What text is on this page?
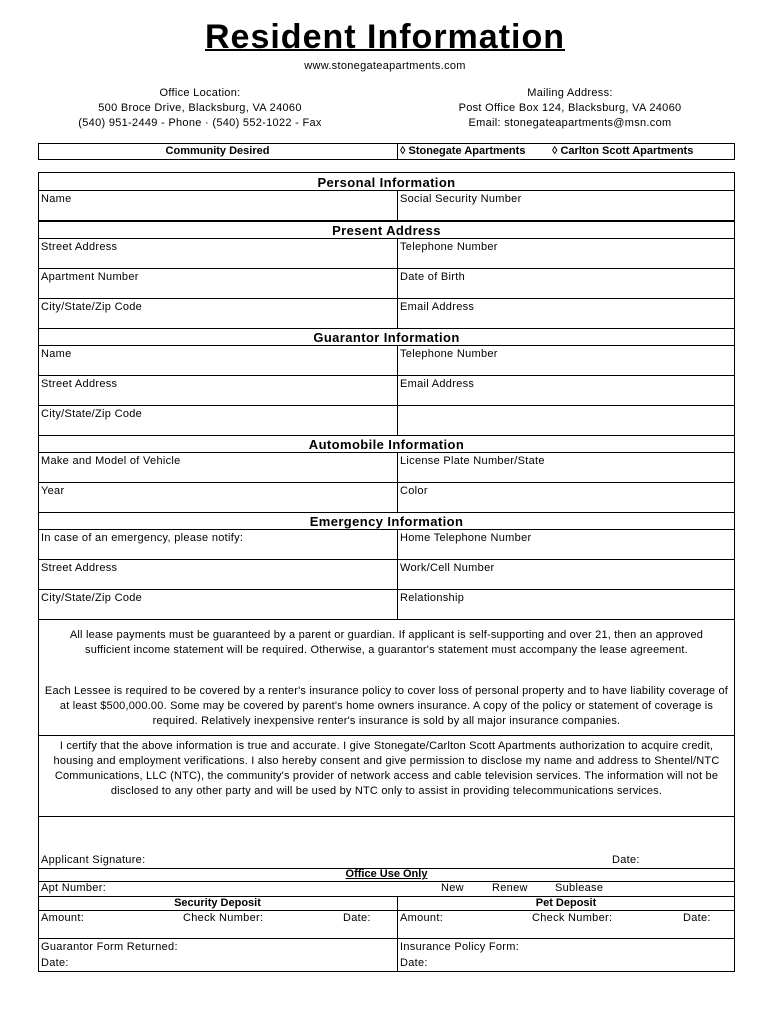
Resident Information
www.stonegateapartments.com
Office Location:
500 Broce Drive, Blacksburg, VA 24060
(540) 951-2449 - Phone · (540) 552-1022 - Fax
Mailing Address:
Post Office Box 124, Blacksburg, VA 24060
Email: stonegateapartments@msn.com
Community Desired	◊ Stonegate Apartments ◊ Carlton Scott Apartments
Personal Information
Name	Social Security Number
Present Address
Street Address	Telephone Number
Apartment Number	Date of Birth
City/State/Zip Code	Email Address
Guarantor Information
Name	Telephone Number
Street Address	Email Address
City/State/Zip Code
Automobile Information
Make and Model of Vehicle	License Plate Number/State
Year	Color
Emergency Information
In case of an emergency, please notify:	Home Telephone Number
Street Address	Work/Cell Number
City/State/Zip Code	Relationship
All lease payments must be guaranteed by a parent or guardian. If applicant is self-supporting and over 21, then an approved sufficient income statement will be required. Otherwise, a guarantor's statement must accompany the lease agreement.
Each Lessee is required to be covered by a renter's insurance policy to cover loss of personal property and to have liability coverage of at least $500,000.00. Some may be covered by parent's home owners insurance. A copy of the policy or statement of coverage is required. Relatively inexpensive renter's insurance is sold by all major insurance companies.
I certify that the above information is true and accurate. I give Stonegate/Carlton Scott Apartments authorization to acquire credit, housing and employment verifications. I also hereby consent and give permission to disclose my name and address to Shentel/NTC Communications, LLC (NTC), the community's provider of network access and cable television services. The information will not be disclosed to any other party and will be used by NTC only to assist in providing telecommunications services.
Applicant Signature:	Date:
Office Use Only
Apt Number:	New	Renew Sublease
Security Deposit	Pet Deposit
Amount:	Check Number:	Date:	Amount:	Check Number:	Date:
Guarantor Form Returned:
Date:
Insurance Policy Form:
Date:
